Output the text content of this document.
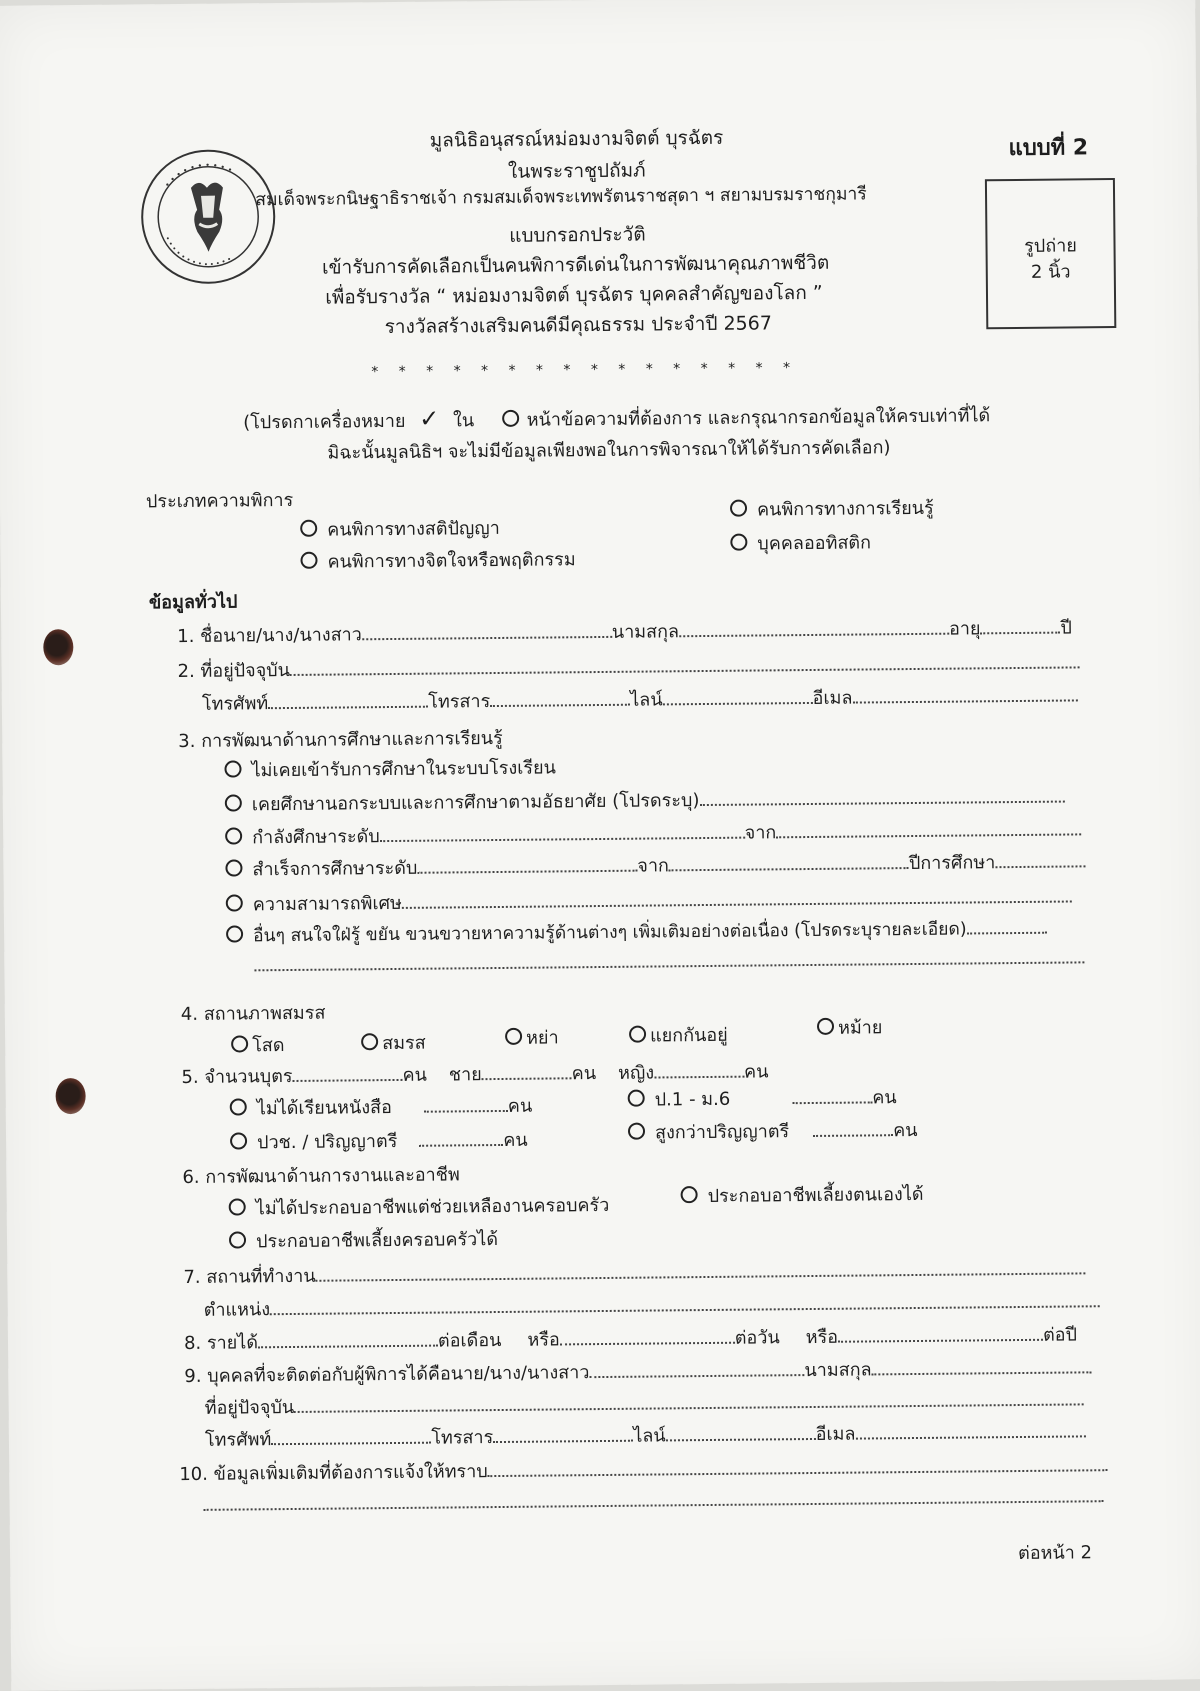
• • • • • • • • • •
• • • • • • • • • • • • •
แบบที่ 2
รูปถ่าย
2 นิ้ว
มูลนิธิอนุสรณ์หม่อมงามจิตต์ บุรฉัตร
ในพระราชูปถัมภ์
สมเด็จพระกนิษฐาธิราชเจ้า กรมสมเด็จพระเทพรัตนราชสุดา ฯ สยามบรมราชกุมารี
แบบกรอกประวัติ
เข้ารับการคัดเลือกเป็นคนพิการดีเด่นในการพัฒนาคุณภาพชีวิต
เพื่อรับรางวัล “ หม่อมงามจิตต์ บุรฉัตร บุคคลสำคัญของโลก ”
รางวัลสร้างเสริมคนดีมีคุณธรรม ประจำปี 2567
* * * * * * * * * * * * * * * *
(โปรดกาเครื่องหมาย ✓ ใน	หน้าข้อความที่ต้องการ และกรุณากรอกข้อมูลให้ครบเท่าที่ได้
มิฉะนั้นมูลนิธิฯ จะไม่มีข้อมูลเพียงพอในการพิจารณาให้ได้รับการคัดเลือก)
ประเภทความพิการ
คนพิการทางสติปัญญา
คนพิการทางจิตใจหรือพฤติกรรม
คนพิการทางการเรียนรู้
บุคคลออทิสติก
ข้อมูลทั่วไป
1. ชื่อนาย/นาง/นางสาว	นามสกุล	อายุ	ปี
2. ที่อยู่ปัจจุบัน
โทรศัพท์	โทรสาร	ไลน์	อีเมล
3. การพัฒนาด้านการศึกษาและการเรียนรู้
ไม่เคยเข้ารับการศึกษาในระบบโรงเรียน
เคยศึกษานอกระบบและการศึกษาตามอัธยาศัย (โปรดระบุ)
กำลังศึกษาระดับ	จาก
สำเร็จการศึกษาระดับ	จาก	ปีการศึกษา
ความสามารถพิเศษ
อื่นๆ สนใจใฝ่รู้ ขยัน ขวนขวายหาความรู้ด้านต่างๆ เพิ่มเติมอย่างต่อเนื่อง (โปรดระบุรายละเอียด)
4. สถานภาพสมรส
โสด	สมรส	หย่า	แยกกันอยู่	หม้าย
5. จำนวนบุตร	คน ชาย	คน หญิง	คน
ไม่ได้เรียนหนังสือ	คน	ป.1 - ม.6	คน
ปวช. / ปริญญาตรี	คน	สูงกว่าปริญญาตรี	คน
6. การพัฒนาด้านการงานและอาชีพ
ไม่ได้ประกอบอาชีพแต่ช่วยเหลืองานครอบครัว	ประกอบอาชีพเลี้ยงตนเองได้
ประกอบอาชีพเลี้ยงครอบครัวได้
7. สถานที่ทำงาน
ตำแหน่ง
8. รายได้	ต่อเดือน หรือ	ต่อวัน หรือ	ต่อปี
9. บุคคลที่จะติดต่อกับผู้พิการได้คือนาย/นาง/นางสาว	นามสกุล
ที่อยู่ปัจจุบัน
โทรศัพท์	โทรสาร	ไลน์	อีเมล
10. ข้อมูลเพิ่มเติมที่ต้องการแจ้งให้ทราบ
ต่อหน้า 2
